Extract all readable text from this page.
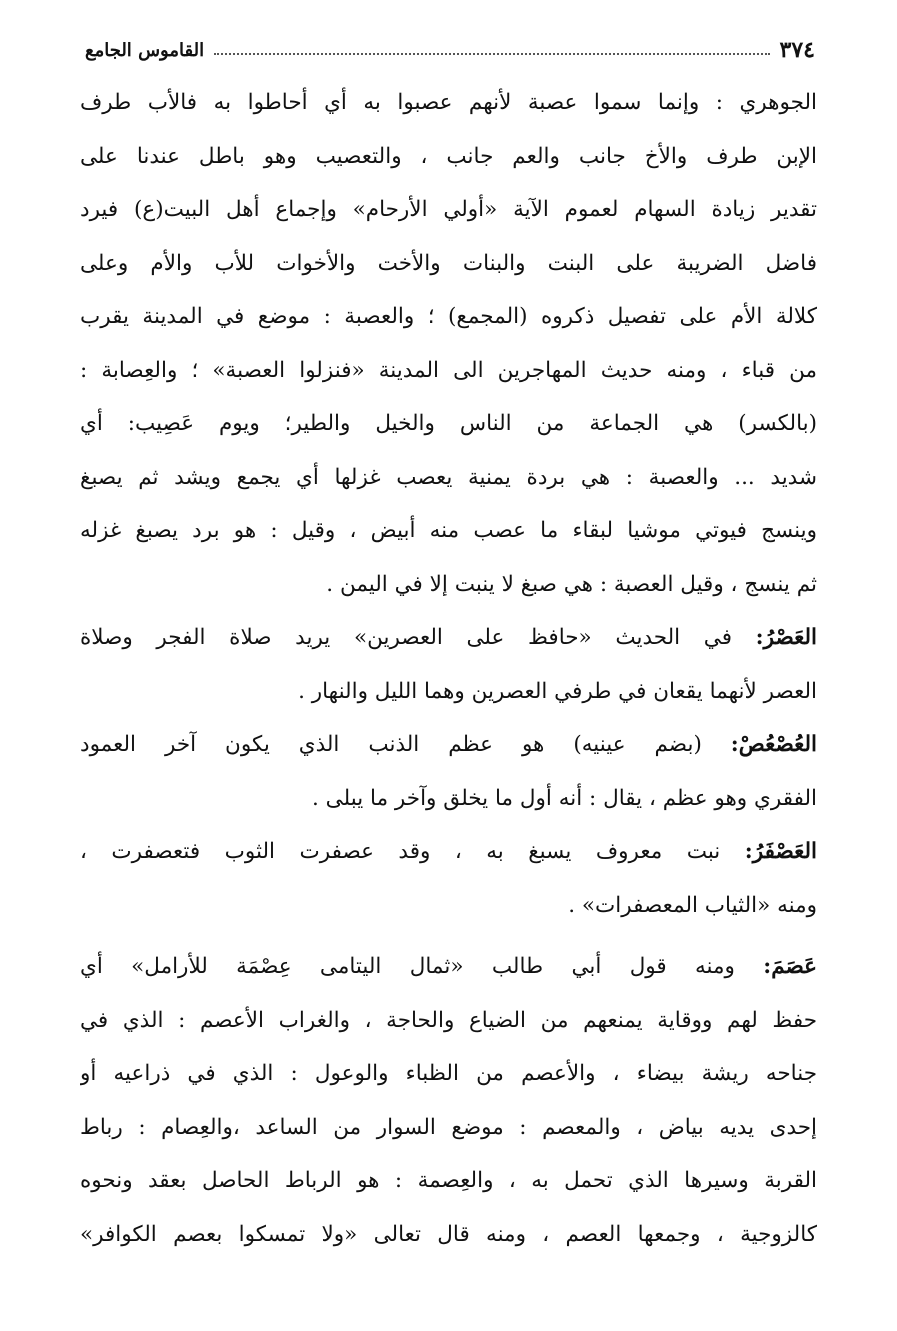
٣٧٤
القاموس الجامع
الجوهري : وإنما سموا عصبة لأنهم عصبوا به أي أحاطوا به فالأب طرف
الإبن طرف والأخ جانب والعم جانب ، والتعصيب وهو باطل عندنا على
تقدير زيادة السهام لعموم الآية «أولي الأرحام» وإجماع أهل البيت(ع) فيرد
فاضل الضريبة على البنت والبنات والأخت والأخوات للأب والأم وعلى
كلالة الأم على تفصيل ذكروه (المجمع) ؛ والعصبة : موضع في المدينة يقرب
من قباء ، ومنه حديث المهاجرين الى المدينة «فنزلوا العصبة» ؛ والعِصابة :
(بالكسر) هي الجماعة من الناس والخيل والطير؛ ويوم عَصِيب: أي
شديد ... والعصبة : هي بردة يمنية يعصب غزلها أي يجمع ويشد ثم يصبغ
وينسج فيوتي موشيا لبقاء ما عصب منه أبيض ، وقيل : هو برد يصبغ غزله
ثم ينسج ، وقيل العصبة : هي صبغ لا ينبت إلا في اليمن .
العَصْرُ: في الحديث «حافظ على العصرين» يريد صلاة الفجر وصلاة
العصر لأنهما يقعان في طرفي العصرين وهما الليل والنهار .
العُصْعُصْ: (بضم عينيه) هو عظم الذنب الذي يكون آخر العمود
الفقري وهو عظم ، يقال : أنه أول ما يخلق وآخر ما يبلى .
العَصْفَرُ: نبت معروف يسبغ به ، وقد عصفرت الثوب فتعصفرت ،
ومنه «الثياب المعصفرات» .
عَصَمَ: ومنه قول أبي طالب «ثمال اليتامى عِصْمَة للأرامل» أي
حفظ لهم ووقاية يمنعهم من الضياع والحاجة ، والغراب الأعصم : الذي في
جناحه ريشة بيضاء ، والأعصم من الظباء والوعول : الذي في ذراعيه أو
إحدى يديه بياض ، والمعصم : موضع السوار من الساعد ،والعِصام : رباط
القربة وسيرها الذي تحمل به ، والعِصمة : هو الرباط الحاصل بعقد ونحوه
كالزوجية ، وجمعها العصم ، ومنه قال تعالى «ولا تمسكوا بعصم الكوافر»
